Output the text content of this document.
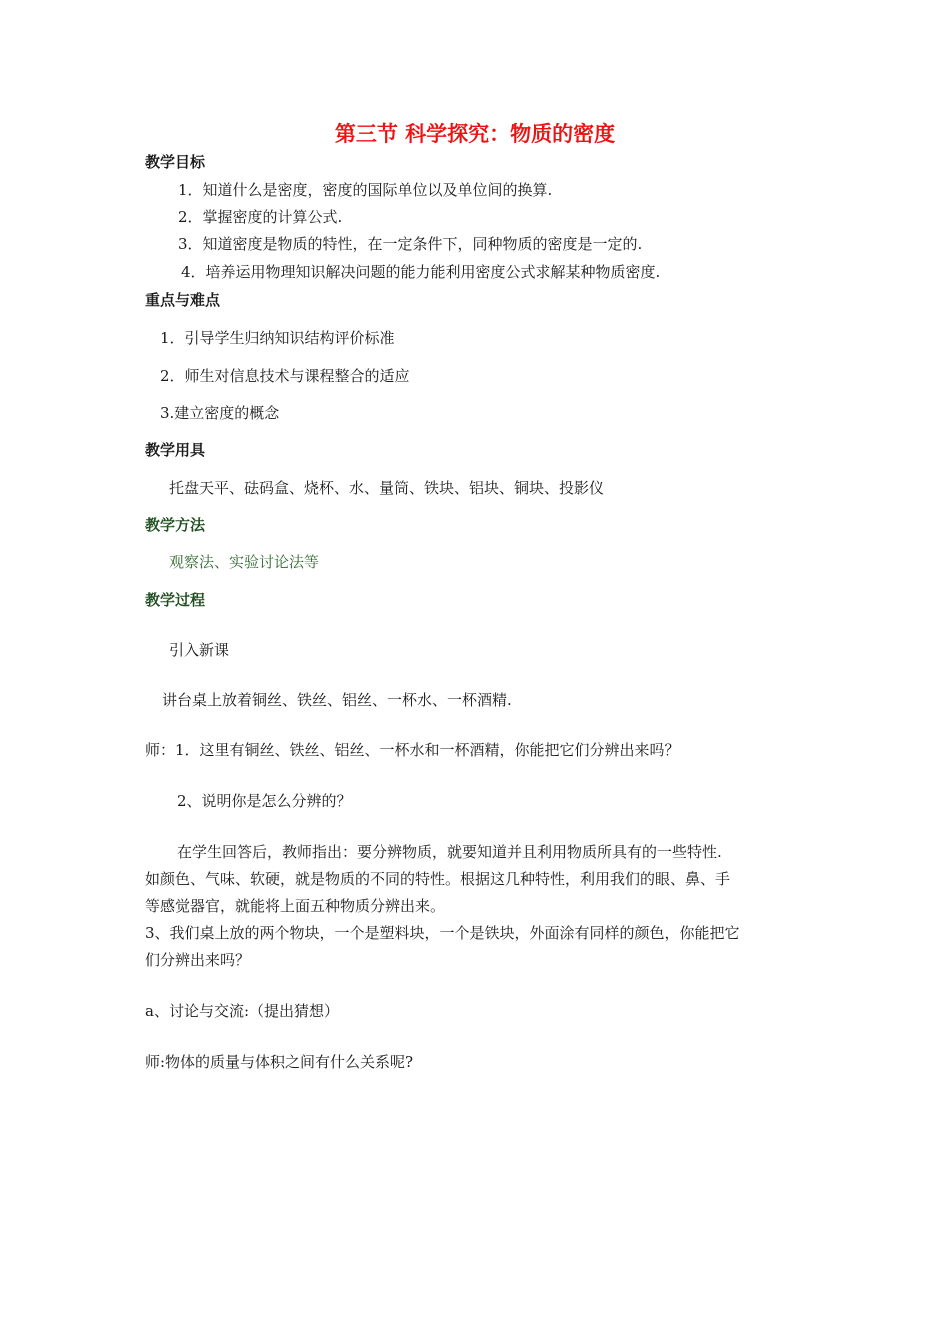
第三节 科学探究：物质的密度
教学目标
1．知道什么是密度，密度的国际单位以及单位间的换算.
2．掌握密度的计算公式.
3．知道密度是物质的特性，在一定条件下，同种物质的密度是一定的.
4．培养运用物理知识解决问题的能力能利用密度公式求解某种物质密度.
重点与难点
1．引导学生归纳知识结构评价标准
2．师生对信息技术与课程整合的适应
3.建立密度的概念
教学用具
托盘天平、砝码盒、烧杯、水、量筒、铁块、铝块、铜块、投影仪
教学方法
观察法、实验讨论法等
教学过程
引入新课
讲台桌上放着铜丝、铁丝、铝丝、一杯水、一杯酒精.
师：1．这里有铜丝、铁丝、铝丝、一杯水和一杯酒精，你能把它们分辨出来吗？
2、说明你是怎么分辨的？
在学生回答后，教师指出：要分辨物质，就要知道并且利用物质所具有的一些特性.
如颜色、气味、软硬，就是物质的不同的特性。根据这几种特性，利用我们的眼、鼻、手
等感觉器官，就能将上面五种物质分辨出来。
3、我们桌上放的两个物块，一个是塑料块，一个是铁块，外面涂有同样的颜色，你能把它
们分辨出来吗？
a、讨论与交流:（提出猜想）
师:物体的质量与体积之间有什么关系呢?
